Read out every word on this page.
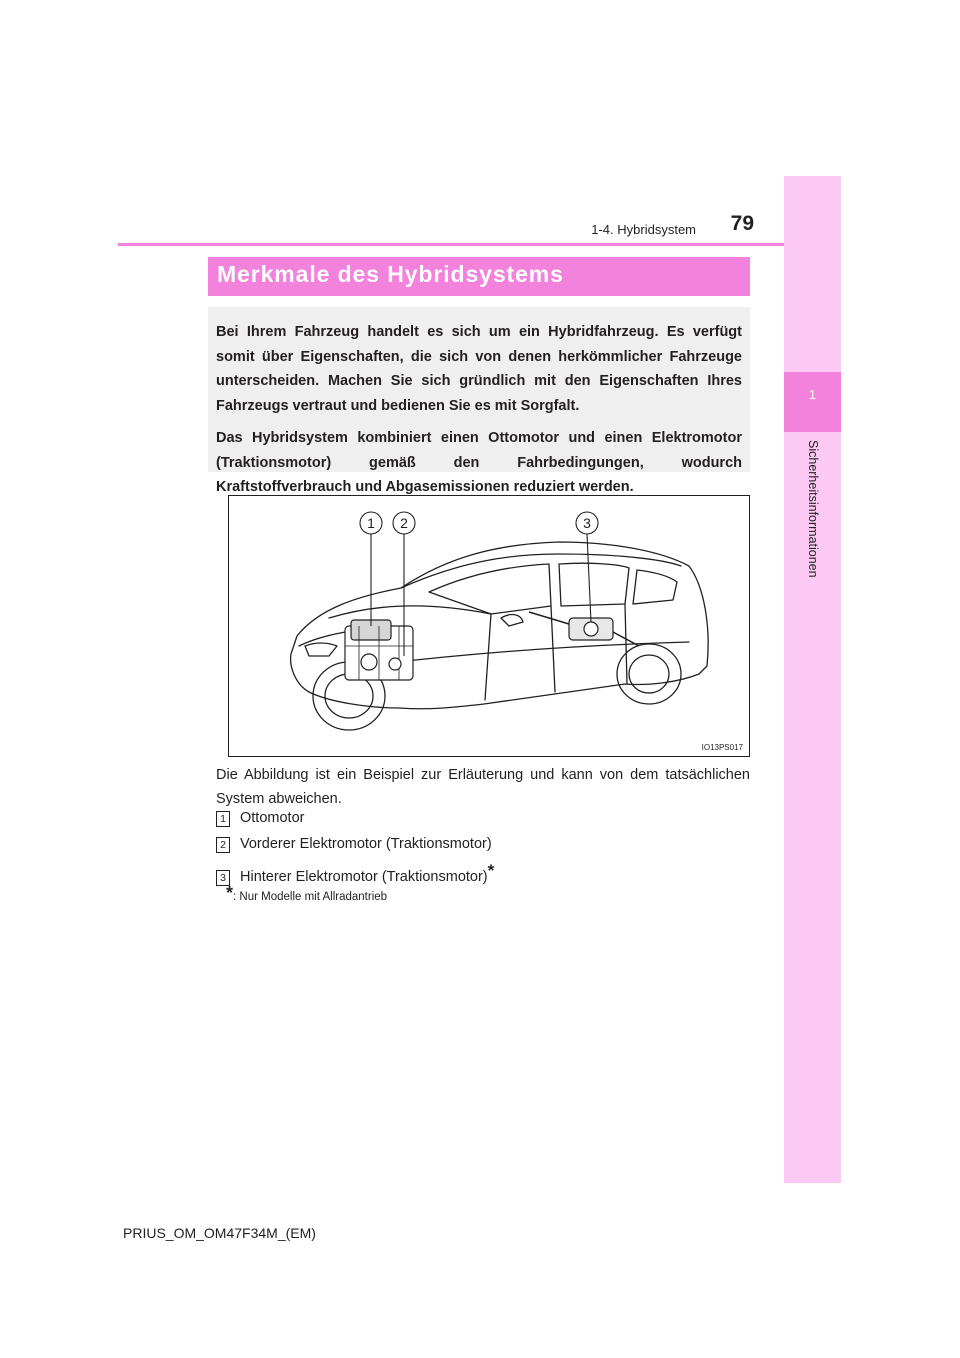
1
Sicherheitsinformationen
1-4. Hybridsystem 79
Merkmale des Hybridsystems

Bei Ihrem Fahrzeug handelt es sich um ein Hybridfahrzeug. Es verfügt somit über Eigenschaften, die sich von denen herkömmlicher Fahrzeuge unterscheiden. Machen Sie sich gründlich mit den Eigenschaften Ihres Fahrzeugs vertraut und bedienen Sie es mit Sorgfalt.

Das Hybridsystem kombiniert einen Ottomotor und einen Elektromotor (Traktionsmotor) gemäß den Fahrbedingungen, wodurch Kraftstoffverbrauch und Abgasemissionen reduziert werden.

1 2	3
IO13PS017
Die Abbildung ist ein Beispiel zur Erläuterung und kann von dem tatsächlichen System abweichen.
1 Ottomotor
2 Vorderer Elektromotor (Traktionsmotor)
3 Hinterer Elektromotor (Traktionsmotor)*
*: Nur Modelle mit Allradantrieb
PRIUS_OM_OM47F34M_(EM)
